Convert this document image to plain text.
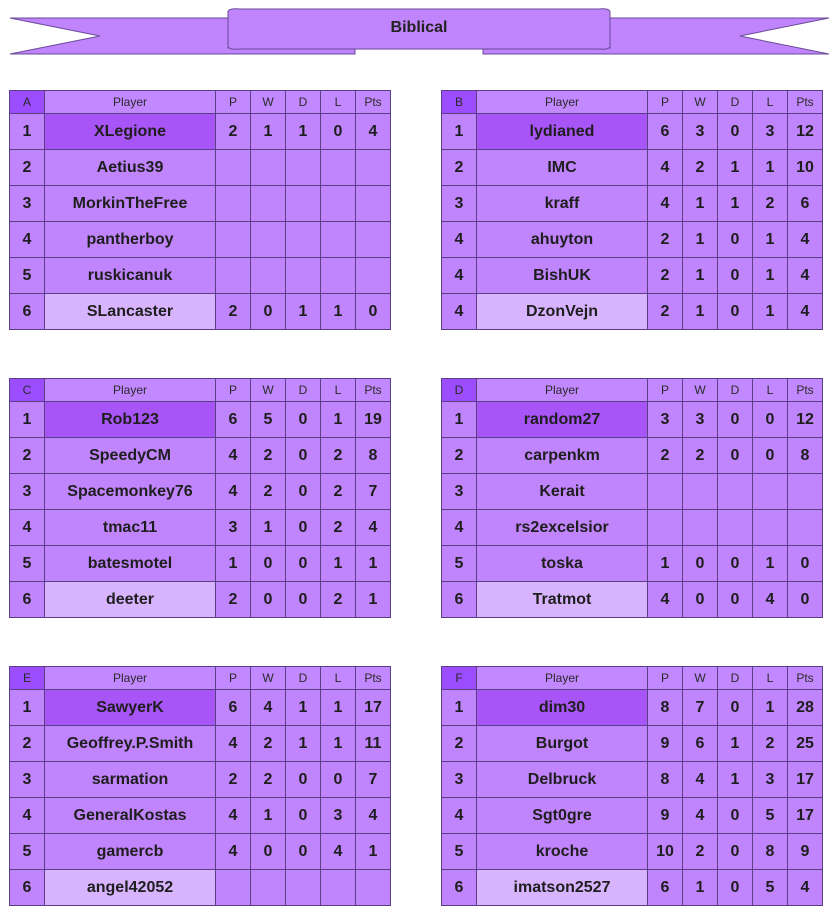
Biblical
A	Player	P	W	D	L	Pts
1	XLegione	2	1	1	0	4
2	Aetius39					
3	MorkinTheFree					
4	pantherboy					
5	ruskicanuk					
6	SLancaster	2	0	1	1	0
B	Player	P	W	D	L	Pts
1	lydianed	6	3	0	3	12
2	IMC	4	2	1	1	10
3	kraff	4	1	1	2	6
4	ahuyton	2	1	0	1	4
4	BishUK	2	1	0	1	4
4	DzonVejn	2	1	0	1	4
C	Player	P	W	D	L	Pts
1	Rob123	6	5	0	1	19
2	SpeedyCM	4	2	0	2	8
3	Spacemonkey76	4	2	0	2	7
4	tmac11	3	1	0	2	4
5	batesmotel	1	0	0	1	1
6	deeter	2	0	0	2	1
D	Player	P	W	D	L	Pts
1	random27	3	3	0	0	12
2	carpenkm	2	2	0	0	8
3	Kerait					
4	rs2excelsior					
5	toska	1	0	0	1	0
6	Tratmot	4	0	0	4	0
E	Player	P	W	D	L	Pts
1	SawyerK	6	4	1	1	17
2	Geoffrey.P.Smith	4	2	1	1	11
3	sarmation	2	2	0	0	7
4	GeneralKostas	4	1	0	3	4
5	gamercb	4	0	0	4	1
6	angel42052					
F	Player	P	W	D	L	Pts
1	dim30	8	7	0	1	28
2	Burgot	9	6	1	2	25
3	Delbruck	8	4	1	3	17
4	Sgt0gre	9	4	0	5	17
5	kroche	10	2	0	8	9
6	imatson2527	6	1	0	5	4
